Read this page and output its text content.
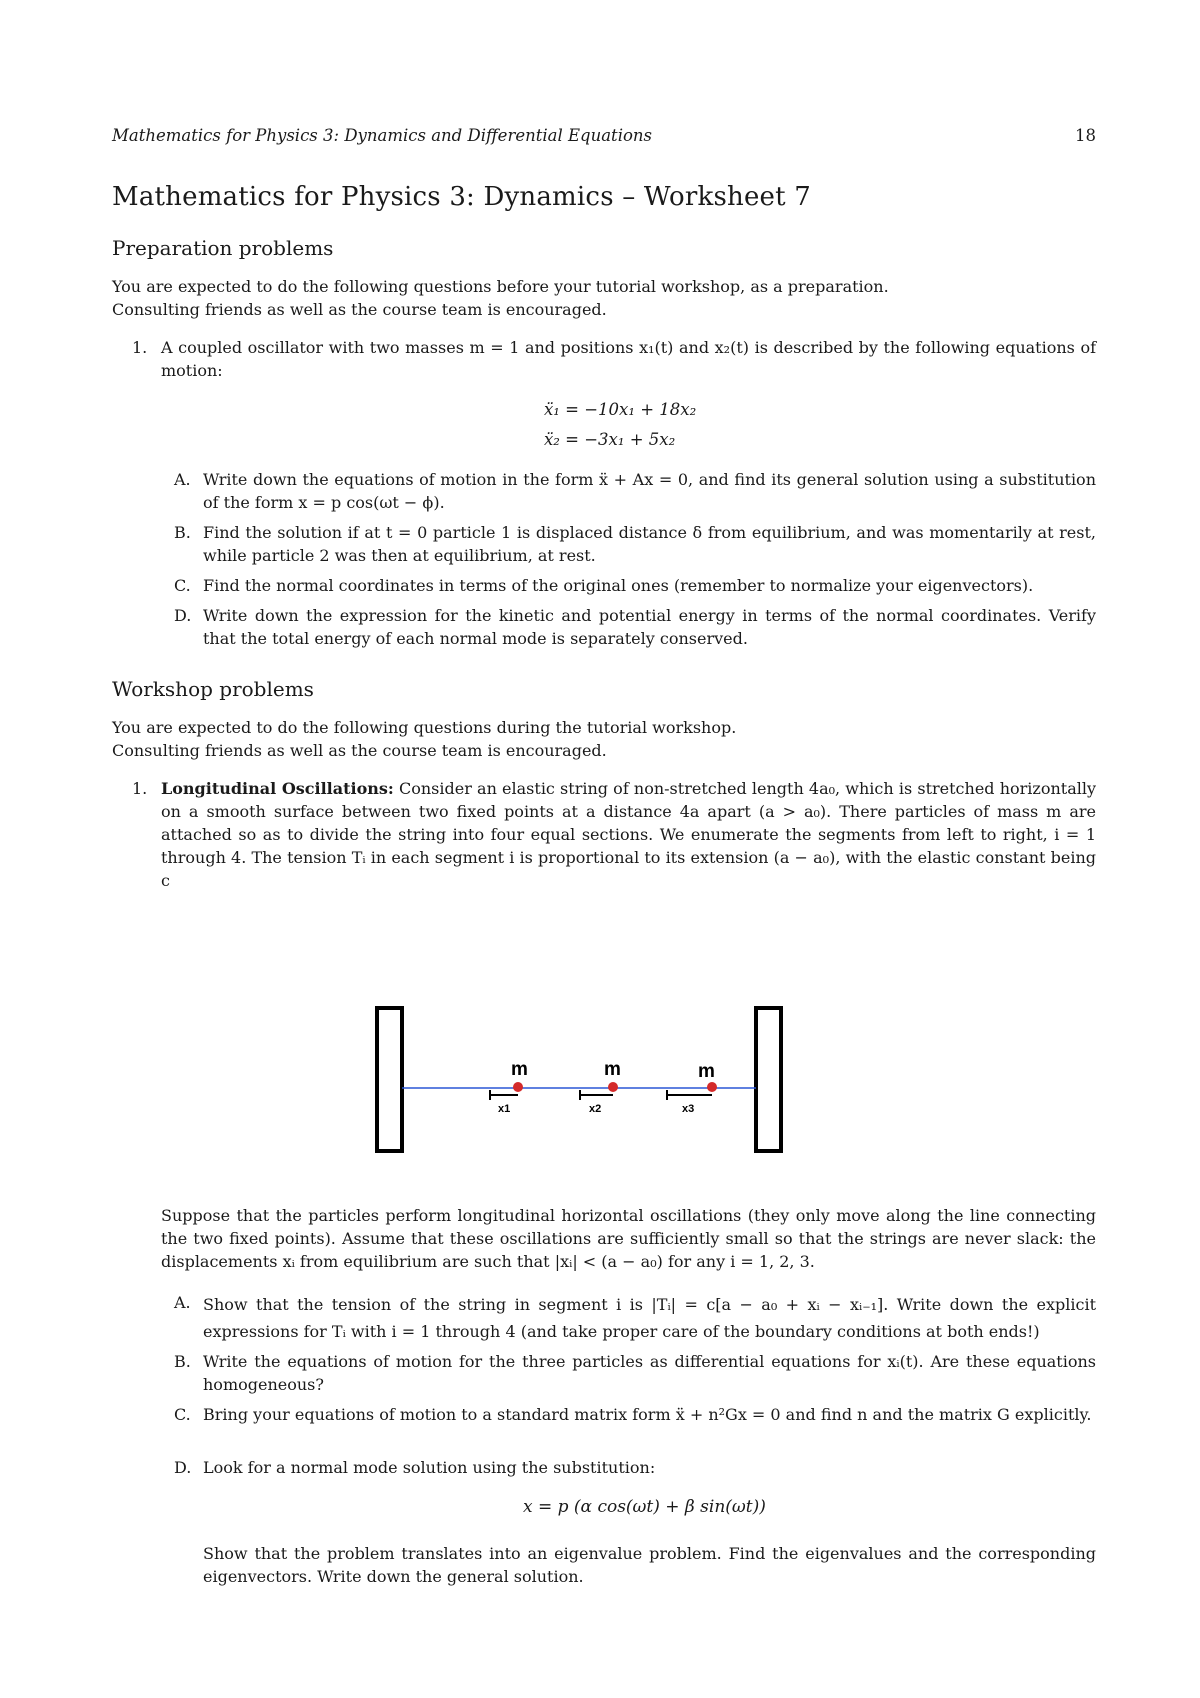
Mathematics for Physics 3: Dynamics and Differential Equations	18
Mathematics for Physics 3: Dynamics – Worksheet 7
Preparation problems

You are expected to do the following questions before your tutorial workshop, as a preparation.

Consulting friends as well as the course team is encouraged.

1. A coupled oscillator with two masses m = 1 and positions x₁(t) and x₂(t) is described by the following equations of motion:
ẍ₁ = −10x₁ + 18x₂
ẍ₂ = −3x₁ + 5x₂
A. Write down the equations of motion in the form ẍ + Ax = 0, and find its general solution using a substitution of the form x = p cos(ωt − ϕ).
B. Find the solution if at t = 0 particle 1 is displaced distance δ from equilibrium, and was momentarily at rest, while particle 2 was then at equilibrium, at rest.
C. Find the normal coordinates in terms of the original ones (remember to normalize your eigenvectors).
D. Write down the expression for the kinetic and potential energy in terms of the normal coordinates. Verify that the total energy of each normal mode is separately conserved.
Workshop problems

You are expected to do the following questions during the tutorial workshop.

Consulting friends as well as the course team is encouraged.

1. Longitudinal Oscillations: Consider an elastic string of non-stretched length 4a₀, which is stretched horizontally on a smooth surface between two fixed points at a distance 4a apart (a > a₀). There particles of mass m are attached so as to divide the string into four equal sections. We enumerate the segments from left to right, i = 1 through 4. The tension Tᵢ in each segment i is proportional to its extension (a − a₀), with the elastic constant being c
m
x1
m
x2
m
x3

Suppose that the particles perform longitudinal horizontal oscillations (they only move along the line connecting the two fixed points). Assume that these oscillations are sufficiently small so that the strings are never slack: the displacements xᵢ from equilibrium are such that |xᵢ| < (a − a₀) for any i = 1, 2, 3.

A. Show that the tension of the string in segment i is |Tᵢ| = c[a − a₀ + xᵢ − xᵢ₋₁]. Write down the explicit expressions for Tᵢ with i = 1 through 4 (and take proper care of the boundary conditions at both ends!)
B. Write the equations of motion for the three particles as differential equations for xᵢ(t). Are these equations homogeneous?
C. Bring your equations of motion to a standard matrix form ẍ + n²Gx = 0 and find n and the matrix G explicitly.
D. Look for a normal mode solution using the substitution:
x = p (α cos(ωt) + β sin(ωt))

Show that the problem translates into an eigenvalue problem. Find the eigenvalues and the corresponding eigenvectors. Write down the general solution.
